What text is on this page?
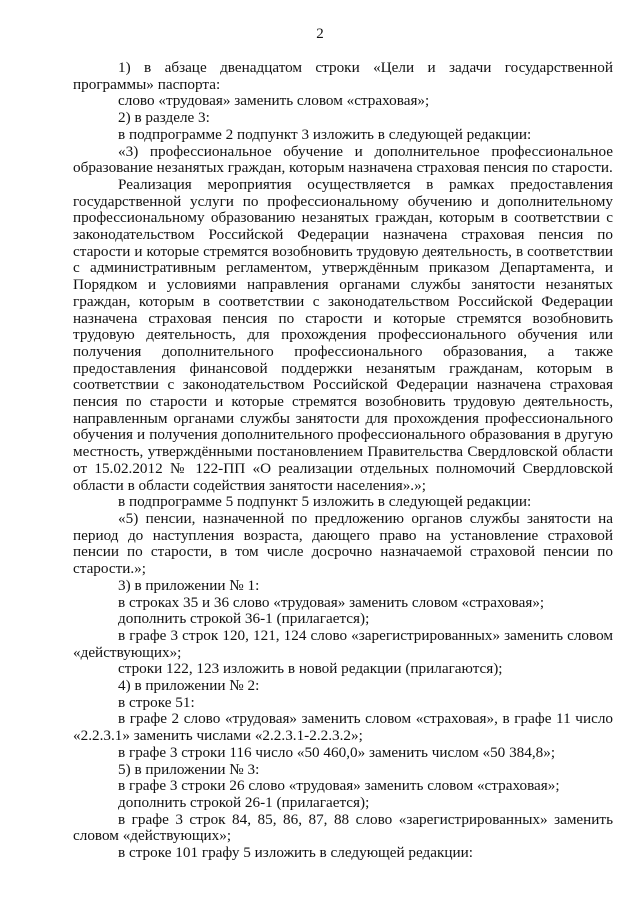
2

1) в абзаце двенадцатом строки «Цели и задачи государственной программы» паспорта:

слово «трудовая» заменить словом «страховая»;

2) в разделе 3:

в подпрограмме 2 подпункт 3 изложить в следующей редакции:

«3) профессиональное обучение и дополнительное профессиональное образование незанятых граждан, которым назначена страховая пенсия по старости.

Реализация мероприятия осуществляется в рамках предоставления государственной услуги по профессиональному обучению и дополнительному профессиональному образованию незанятых граждан, которым в соответствии с законодательством Российской Федерации назначена страховая пенсия по старости и которые стремятся возобновить трудовую деятельность, в соответствии с административным регламентом, утверждённым приказом Департамента, и Порядком и условиями направления органами службы занятости незанятых граждан, которым в соответствии с законодательством Российской Федерации назначена страховая пенсия по старости и которые стремятся возобновить трудовую деятельность, для прохождения профессионального обучения или получения дополнительного профессионального образования, а также предоставления финансовой поддержки незанятым гражданам, которым в соответствии с законодательством Российской Федерации назначена страховая пенсия по старости и которые стремятся возобновить трудовую деятельность, направленным органами службы занятости для прохождения профессионального обучения и получения дополнительного профессионального образования в другую местность, утверждёнными постановлением Правительства Свердловской области от 15.02.2012 № 122-ПП «О реализации отдельных полномочий Свердловской области в области содействия занятости населения».»;

в подпрограмме 5 подпункт 5 изложить в следующей редакции:

«5) пенсии, назначенной по предложению органов службы занятости на период до наступления возраста, дающего право на установление страховой пенсии по старости, в том числе досрочно назначаемой страховой пенсии по старости.»;

3) в приложении № 1:

в строках 35 и 36 слово «трудовая» заменить словом «страховая»;

дополнить строкой 36-1 (прилагается);

в графе 3 строк 120, 121, 124 слово «зарегистрированных» заменить словом «действующих»;

строки 122, 123 изложить в новой редакции (прилагаются);

4) в приложении № 2:

в строке 51:

в графе 2 слово «трудовая» заменить словом «страховая», в графе 11 число «2.2.3.1» заменить числами «2.2.3.1-2.2.3.2»;

в графе 3 строки 116 число «50 460,0» заменить числом «50 384,8»;

5) в приложении № 3:

в графе 3 строки 26 слово «трудовая» заменить словом «страховая»;

дополнить строкой 26-1 (прилагается);

в графе 3 строк 84, 85, 86, 87, 88 слово «зарегистрированных» заменить словом «действующих»;

в строке 101 графу 5 изложить в следующей редакции:
